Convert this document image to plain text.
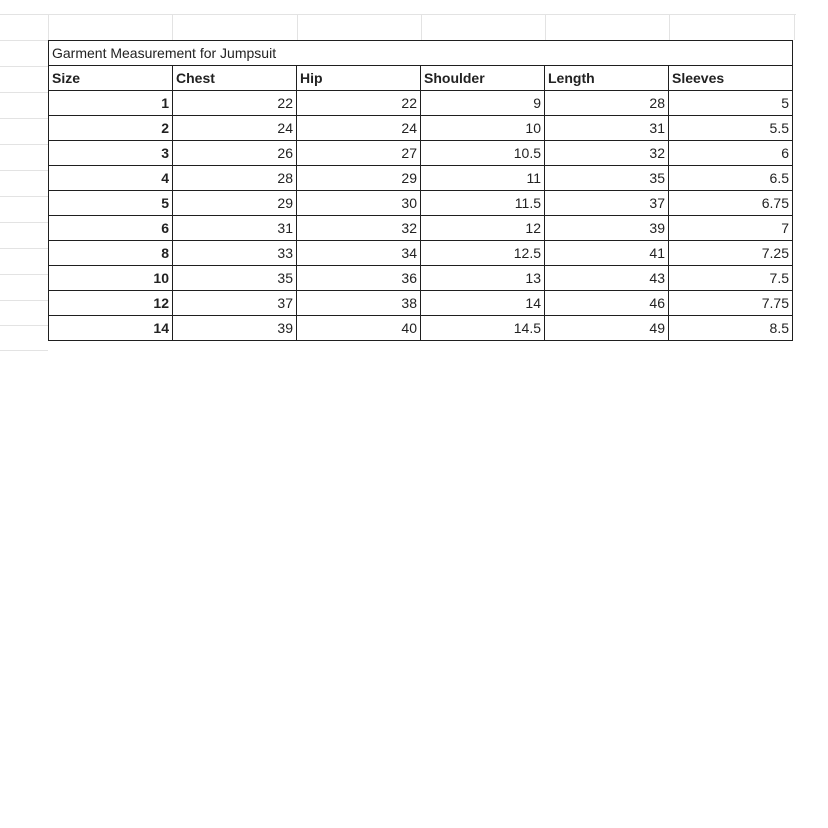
Garment Measurement for Jumpsuit					
Size	Chest	Hip	Shoulder	Length	Sleeves
1	22	22	9	28	5
2	24	24	10	31	5.5
3	26	27	10.5	32	6
4	28	29	11	35	6.5
5	29	30	11.5	37	6.75
6	31	32	12	39	7
8	33	34	12.5	41	7.25
10	35	36	13	43	7.5
12	37	38	14	46	7.75
14	39	40	14.5	49	8.5
